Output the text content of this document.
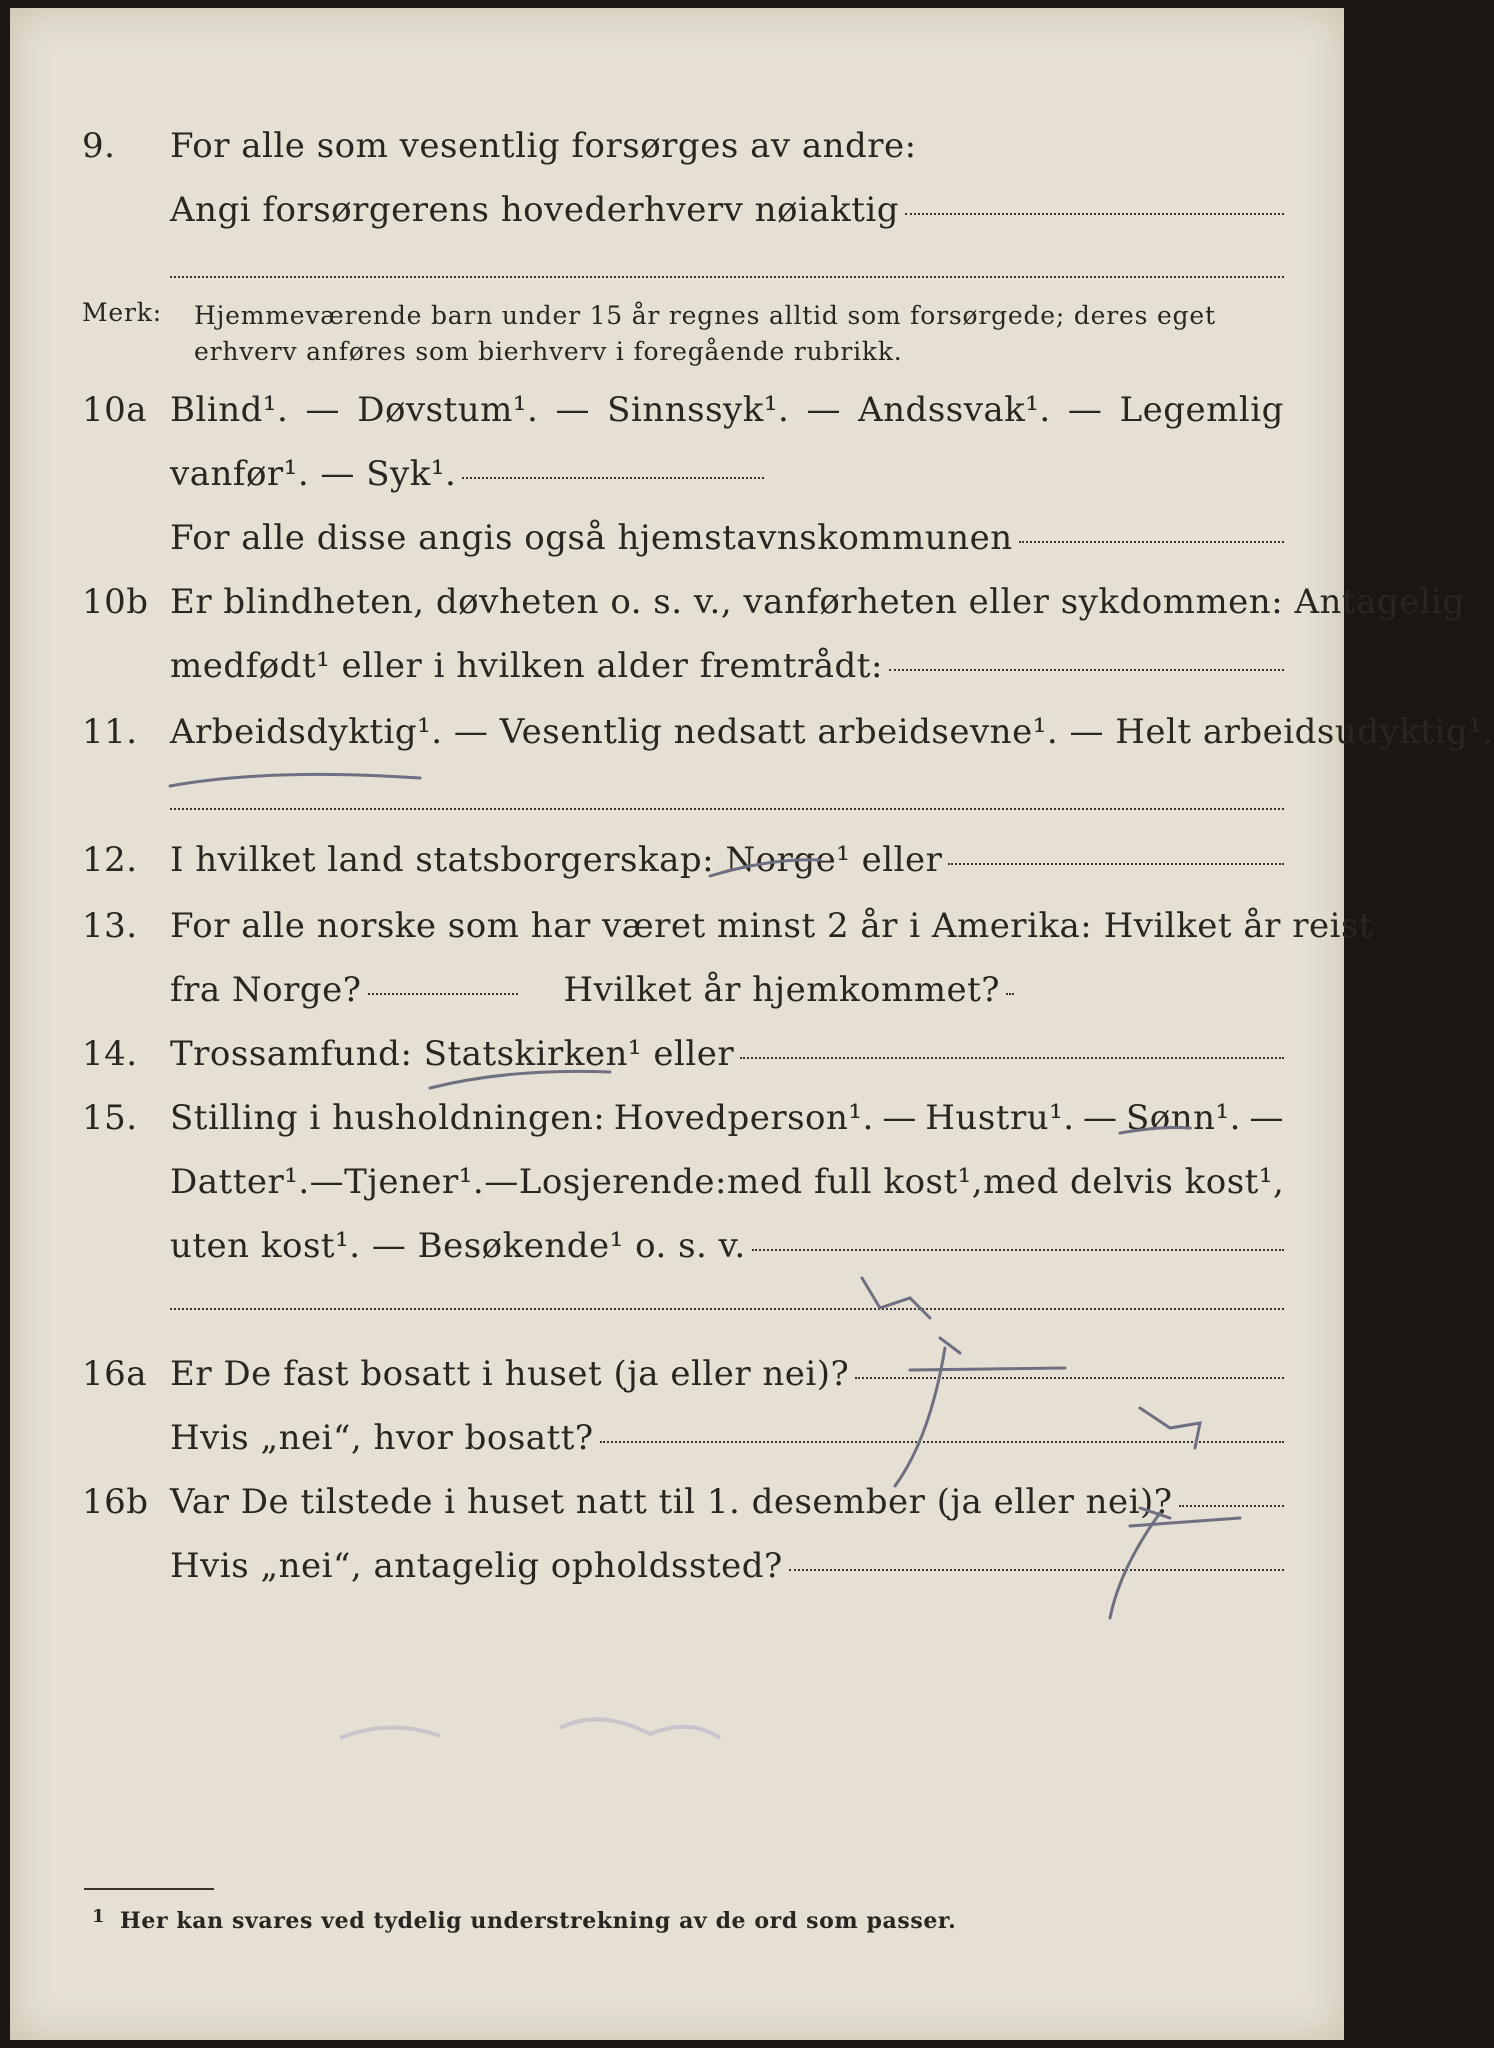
9. For alle som vesentlig forsørges av andre:
Angi forsørgerens hovederhverv nøiaktig
Merk: Hjemmeværende barn under 15 år regnes alltid som forsørgede; deres eget erhverv anføres som bierhverv i foregående rubrikk.
10a Blind¹. — Døvstum¹. — Sinnssyk¹. — Andssvak¹. — Legemlig
vanfør¹. — Syk¹.
For alle disse angis også hjemstavnskommunen
10b Er blindheten, døvheten o. s. v., vanførheten eller sykdommen: Antagelig
medfødt¹ eller i hvilken alder fremtrådt:
11. Arbeidsdyktig¹. — Vesentlig nedsatt arbeidsevne¹. — Helt arbeidsudyktig¹.
12. I hvilket land statsborgerskap: Norge¹ eller
13. For alle norske som har været minst 2 år i Amerika: Hvilket år reist
fra Norge?	Hvilket år hjemkommet?
14. Trossamfund: Statskirken¹ eller
15. Stilling i husholdningen: Hovedperson¹. — Hustru¹. — Sønn¹. —
Datter¹. — Tjener¹. — Losjerende: med full kost¹, med delvis kost¹,
uten kost¹. — Besøkende¹ o. s. v.
16a Er De fast bosatt i huset (ja eller nei)?
Hvis „nei“, hvor bosatt?
16b Var De tilstede i huset natt til 1. desember (ja eller nei)?
Hvis „nei“, antagelig opholdssted?
1 Her kan svares ved tydelig understrekning av de ord som passer.
